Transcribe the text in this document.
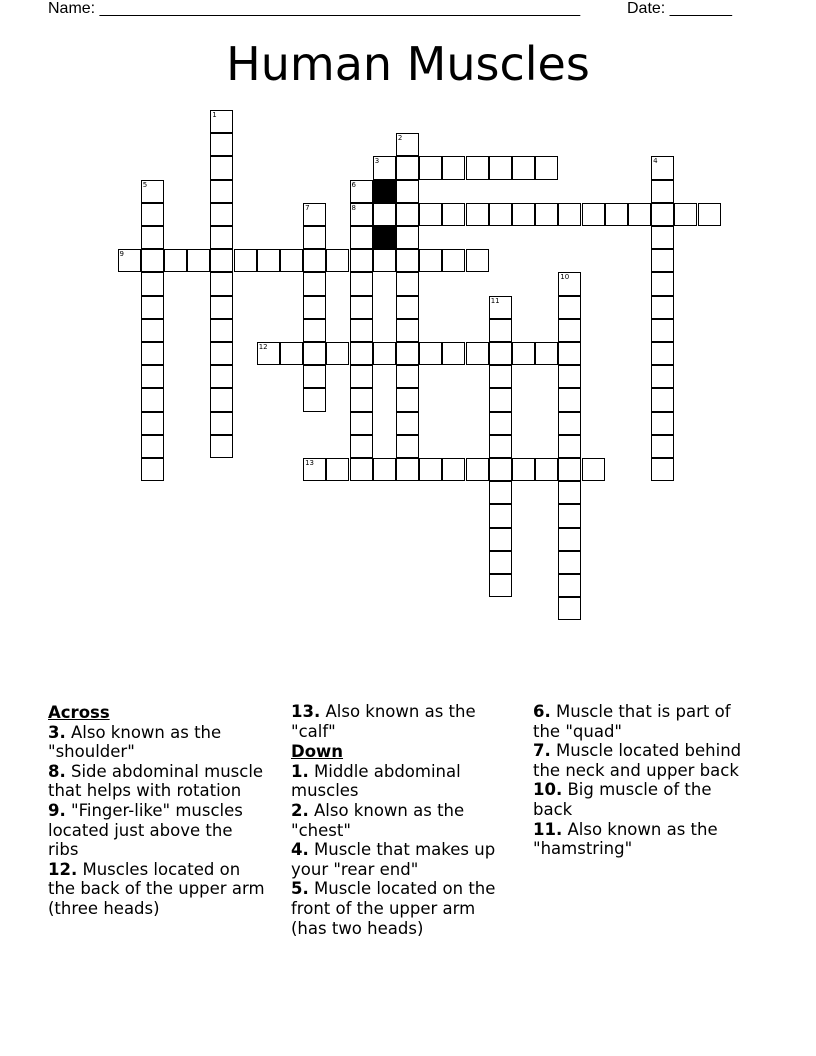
Name: ______________________________________________________	Date: _______
Human Muscles
1
2
3	4
5	6
8
7
9
10
11
12
13
Across
3. Also known as the "shoulder"
8. Side abdominal muscle that helps with rotation
9. "Finger-like" muscles located just above the ribs
12. Muscles located on the back of the upper arm (three heads)
13. Also known as the "calf"
Down
1. Middle abdominal muscles
2. Also known as the "chest"
4. Muscle that makes up your "rear end"
5. Muscle located on the front of the upper arm (has two heads)
6. Muscle that is part of the "quad"
7. Muscle located behind the neck and upper back
10. Big muscle of the back
11. Also known as the "hamstring"
